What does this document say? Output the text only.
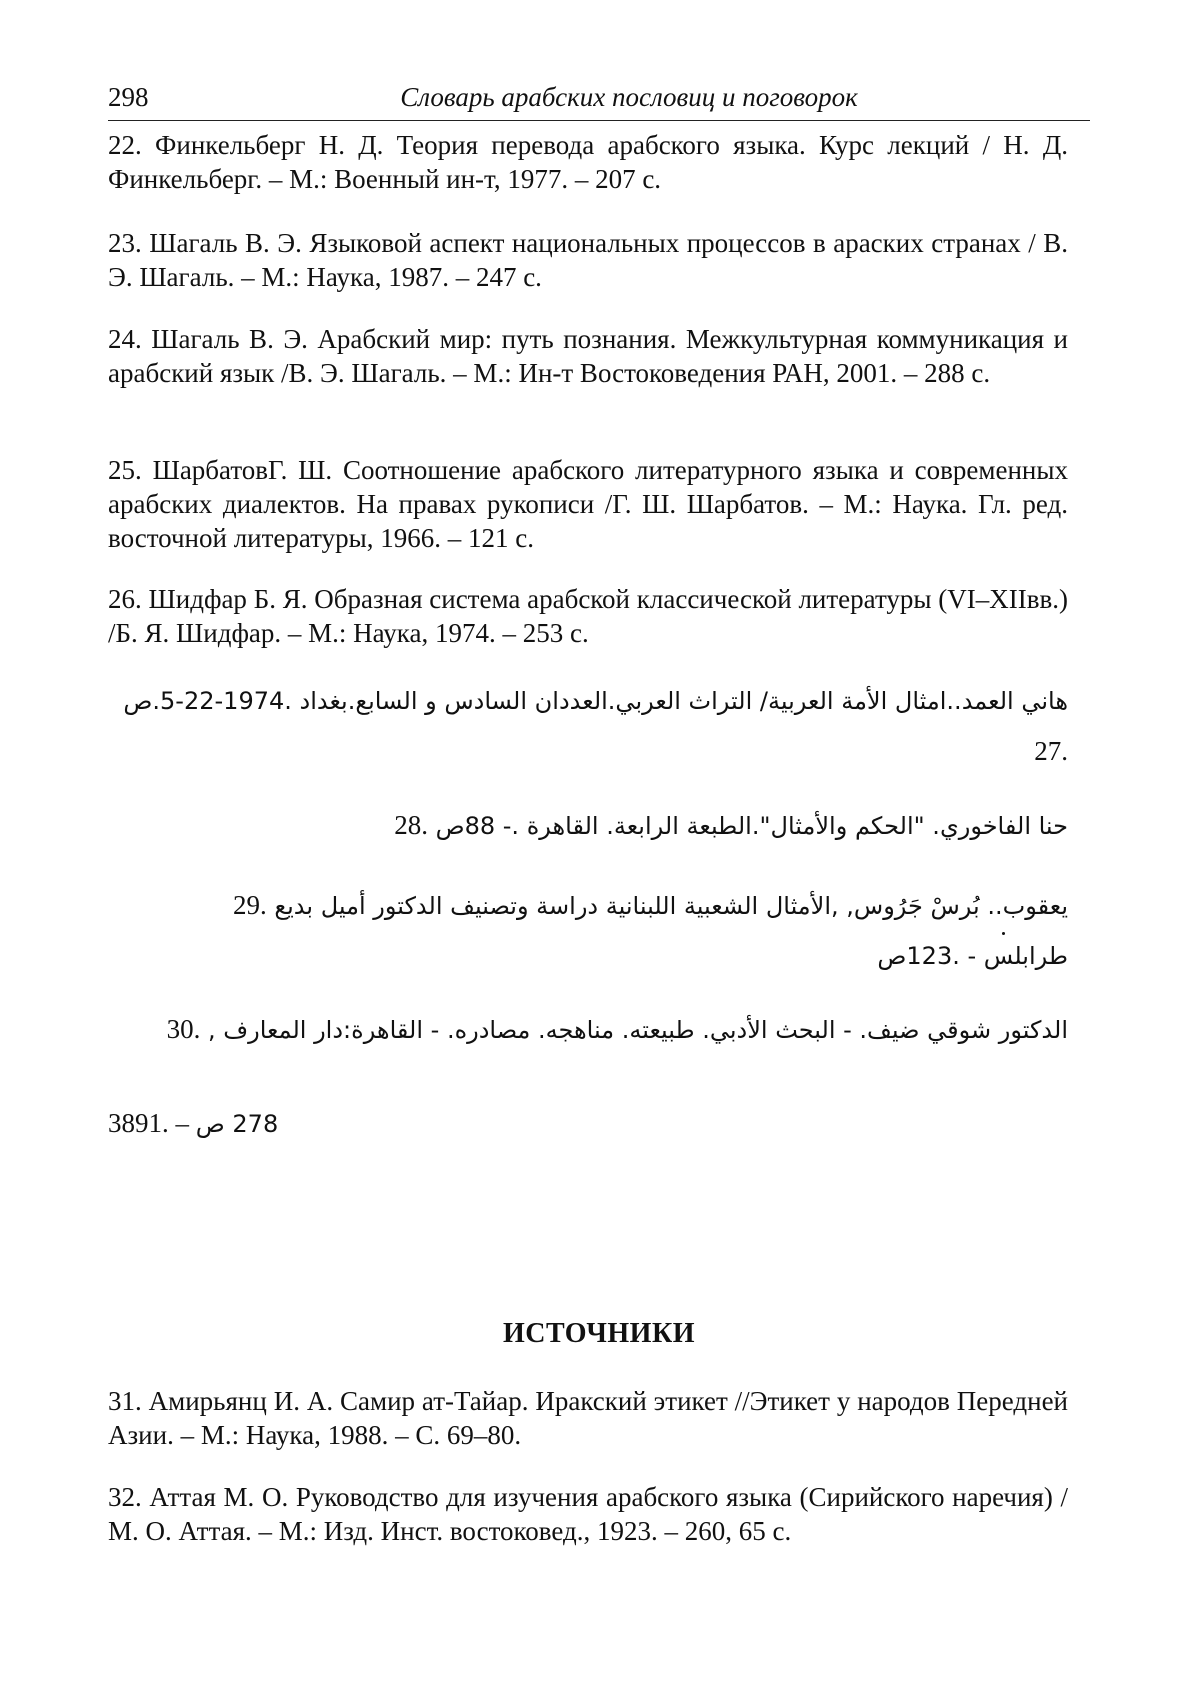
298	Словарь арабских пословиц и поговорок

22. Финкельберг Н. Д. Теория перевода арабского языка. Курс лекций / Н. Д. Финкельберг. – М.: Военный ин-т, 1977. – 207 с.

23. Шагаль В. Э. Языковой аспект национальных процессов в араских странах / В. Э. Шагаль. – М.: Наука, 1987. – 247 с.

24. Шагаль В. Э. Арабский мир: путь познания. Межкультурная коммуникация и арабский язык /В. Э. Шагаль. – М.: Ин-т Востоковедения РАН, 2001. – 288 с.

25. ШарбатовГ. Ш. Соотношение арабского литературного языка и современных арабских диалектов. На правах рукописи /Г. Ш. Шарбатов. – М.: Наука. Гл. ред. восточной литературы, 1966. – 121 с.

26. Шидфар Б. Я. Образная система арабской классической литературы (VI–XIIвв.) /Б. Я. Шидфар. – М.: Наука, 1974. – 253 с.

هاني العمد..امثال الأمة العربية/ التراث العربي.العددان السادس و السابع.بغداد .1974-22-5.ص 27.
حنا الفاخوري. "الحكم والأمثال".الطبعة الرابعة. القاهرة .- 88ص 28.
يعقوب.. بُرسْ جَرُوس, ,الأمثال الشعبية اللبنانية دراسة وتصنيف الدكتور أميل بديع 29.
طرابلس - .123ص
الدكتور شوقي ضيف. - البحث الأدبي. طبيعته. مناهجه. مصادره. - القاهرة:دار المعارف , 30.
3891. – 278 ص
ИСТОЧНИКИ

31. Амирьянц И. А. Самир ат-Тайар. Иракский этикет //Этикет у народов Передней Азии. – М.: Наука, 1988. – С. 69–80.

32. Аттая М. О. Руководство для изучения арабского языка (Сирийского наречия) /М. О. Аттая. – М.: Изд. Инст. востоковед., 1923. – 260, 65 с.
